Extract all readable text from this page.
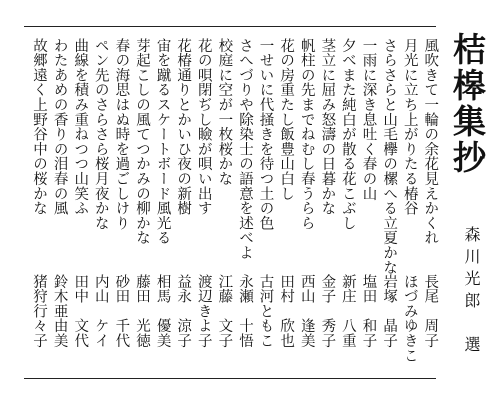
桔槔集抄
森川光郎　選
風吹きて一輪の余花見えかくれ
長尾　周子
月光に立ち上がりたる椿谷
ほづみゆきこ
さらさらと山毛欅の樏へる立夏かな
岩塚　晶子
一雨に深き息吐く春の山
塩田　和子
夕べまた純白が散る花こぶし
新庄　八重
茎立に屈み怒濤の日暮かな
金子　秀子
帆柱の先までねむし春うらら
西山　逢美
花の房重たし飯豊山白し
田村　欣也
一せいに代掻きを待つ土の色
古河ともこ
さへづりや除染士の語意を述べよ
永瀬　十悟
校庭に空が一枚桜かな
江藤　文子
花の唄閉ぢし瞼が唄い出す
渡辺きよ子
花椿通りとかいひ夜の新樹
益永　涼子
宙を蹴るスケートボード風光る
相馬　優美
芽起こしの風てつかみの柳かな
藤田　光徳
春の海思はぬ時を過ごしけり
砂田　千代
ペン先のさらさら桜月夜かな
内山　ケイ
曲線を積み重ねつつ山笑ふ
田中　文代
わたあめの香りの泪春の風
鈴木亜由美
故郷遠く上野谷中の桜かな
猪狩行々子
